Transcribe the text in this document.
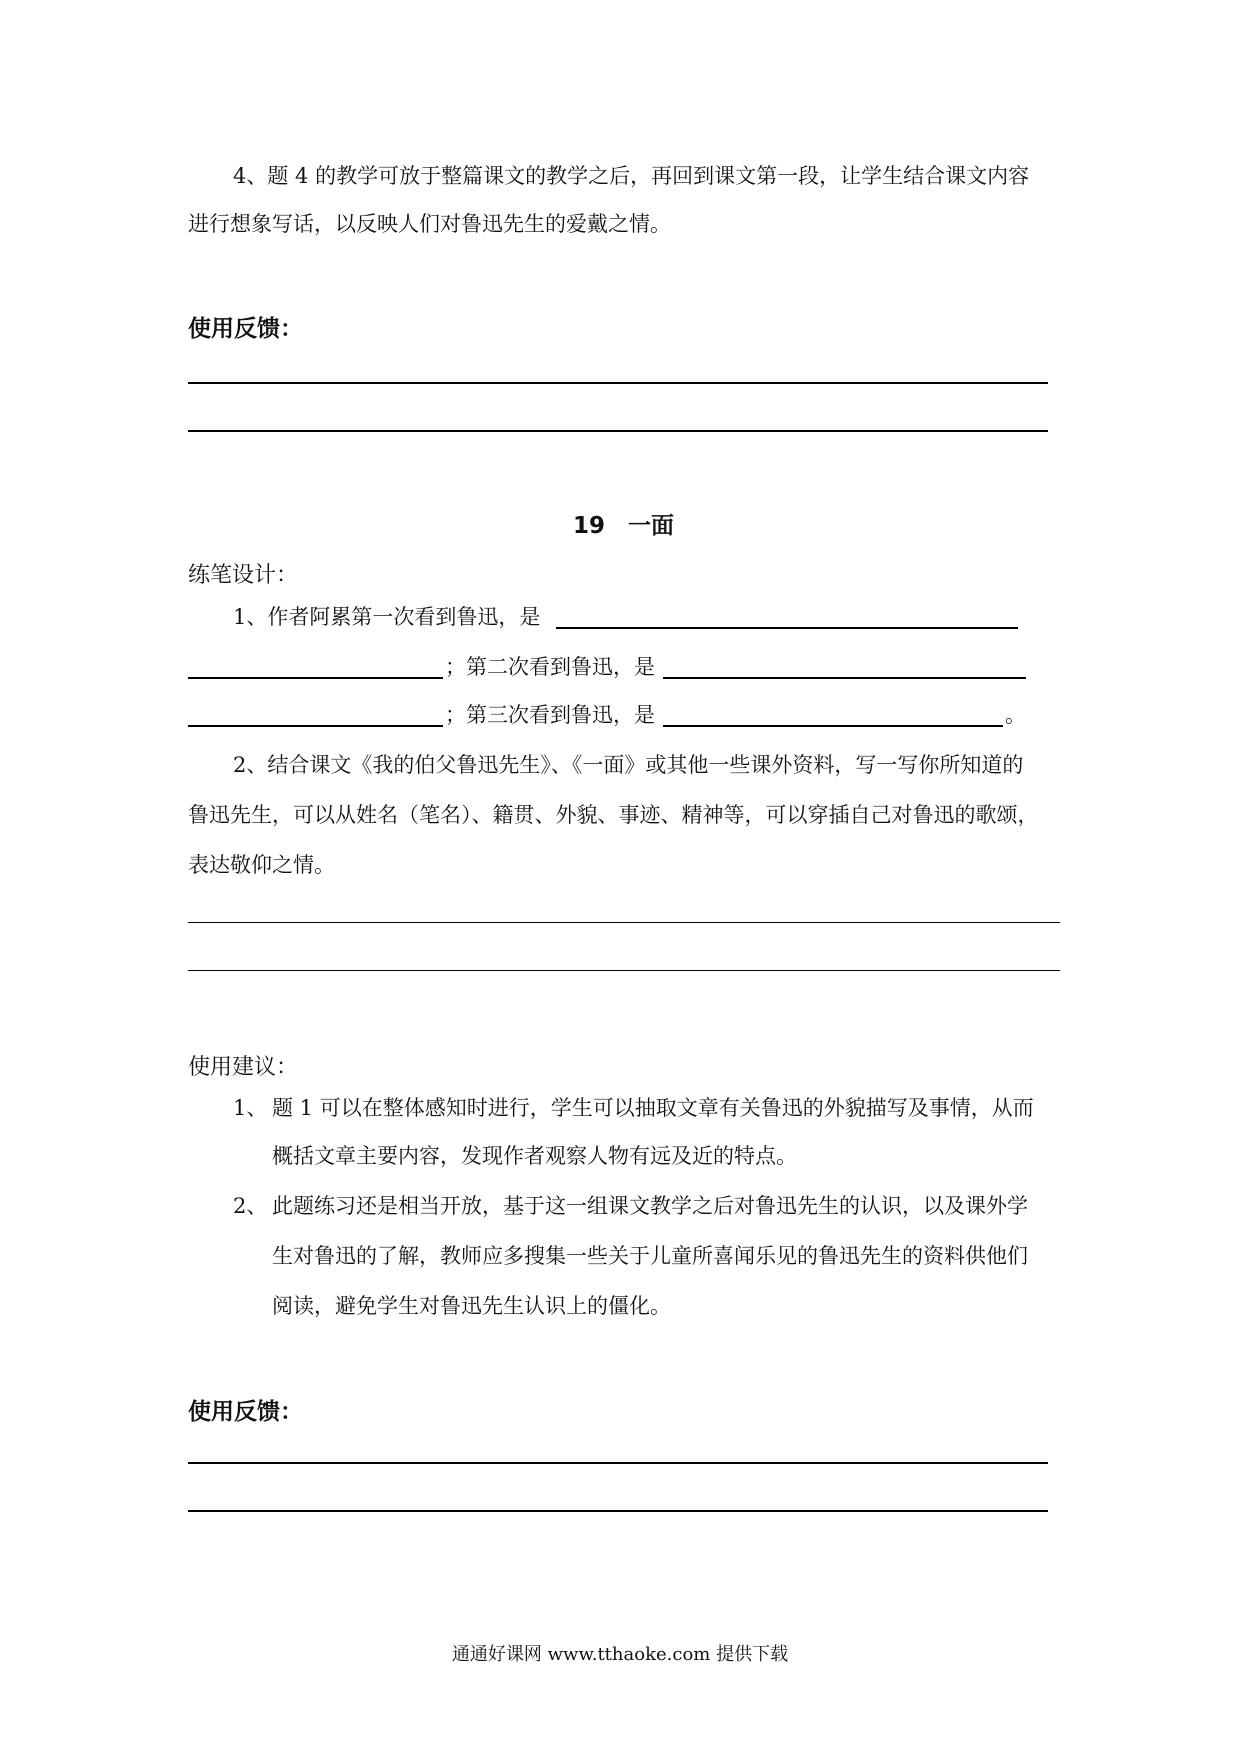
4、题 4 的教学可放于整篇课文的教学之后，再回到课文第一段，让学生结合课文内容
进行想象写话，以反映人们对鲁迅先生的爱戴之情。
使用反馈：
19　一面
练笔设计：
1、作者阿累第一次看到鲁迅，是
；第二次看到鲁迅，是
；第三次看到鲁迅，是	。
2、结合课文《我的伯父鲁迅先生》、《一面》或其他一些课外资料，写一写你所知道的
鲁迅先生，可以从姓名（笔名）、籍贯、外貌、事迹、精神等，可以穿插自己对鲁迅的歌颂，
表达敬仰之情。
使用建议：
1、 题 1 可以在整体感知时进行，学生可以抽取文章有关鲁迅的外貌描写及事情，从而
概括文章主要内容，发现作者观察人物有远及近的特点。
2、 此题练习还是相当开放，基于这一组课文教学之后对鲁迅先生的认识，以及课外学
生对鲁迅的了解，教师应多搜集一些关于儿童所喜闻乐见的鲁迅先生的资料供他们
阅读，避免学生对鲁迅先生认识上的僵化。
使用反馈：
通通好课网 www.tthaoke.com 提供下载
